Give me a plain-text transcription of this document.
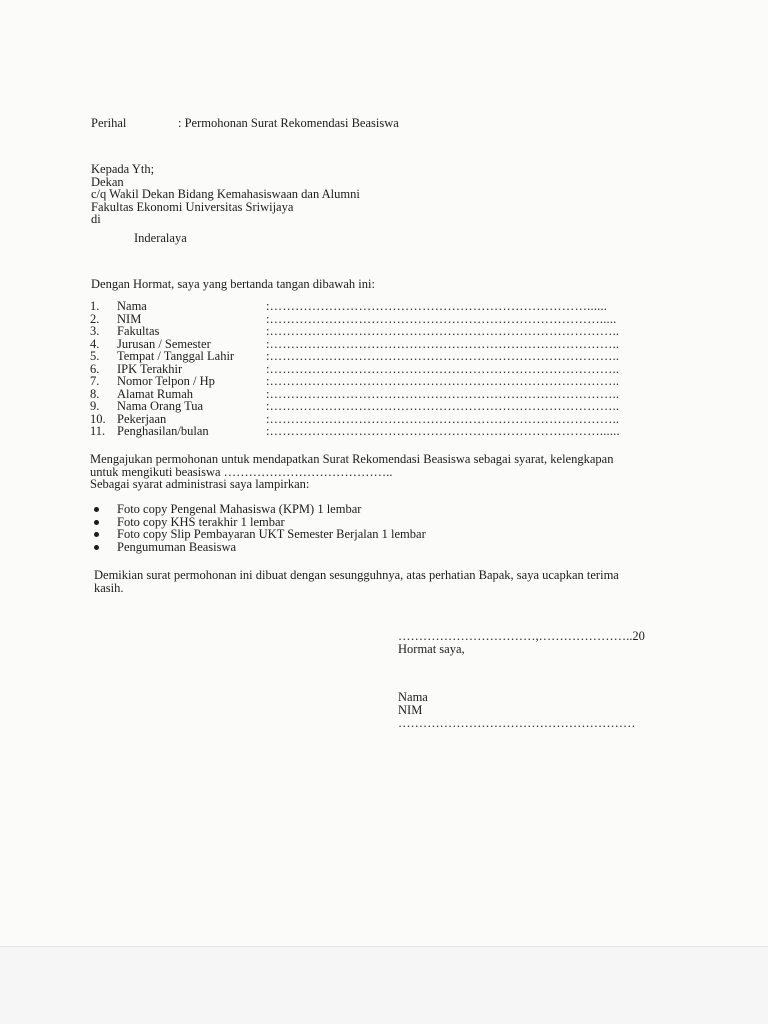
Perihal	: Permohonan Surat Rekomendasi Beasiswa
Kepada Yth;
Dekan
c/q Wakil Dekan Bidang Kemahasiswaan dan Alumni
Fakultas Ekonomi Universitas Sriwijaya
di
Inderalaya
Dengan Hormat, saya yang bertanda tangan dibawah ini:
1. Nama	:…………………………………………………………………......
2. NIM	:…………………………………………………………………….....
3. Fakultas	:………………………………………………………………………..
4. Jurusan / Semester	:………………………………………………………………………..
5. Tempat / Tanggal Lahir	:………………………………………………………………………..
6. IPK Terakhir	:………………………………………………………………………..
7. Nomor Telpon / Hp	:………………………………………………………………………..
8. Alamat Rumah	:………………………………………………………………………..
9. Nama Orang Tua	:………………………………………………………………………..
10. Pekerjaan	:………………………………………………………………………..
11. Penghasilan/bulan	:……………………………………………………………………......
Mengajukan permohonan untuk mendapatkan Surat Rekomendasi Beasiswa sebagai syarat, kelengkapan
untuk mengikuti beasiswa …………………………………..
Sebagai syarat administrasi saya lampirkan:
Foto copy Pengenal Mahasiswa (KPM) 1 lembar
Foto copy KHS terakhir 1 lembar
Foto copy Slip Pembayaran UKT Semester Berjalan 1 lembar
Pengumuman Beasiswa
Demikian surat permohonan ini dibuat dengan sesungguhnya, atas perhatian Bapak, saya ucapkan terima
kasih.
……………………………,…………………..20
Hormat saya,
Nama
NIM
…………………………………………………
